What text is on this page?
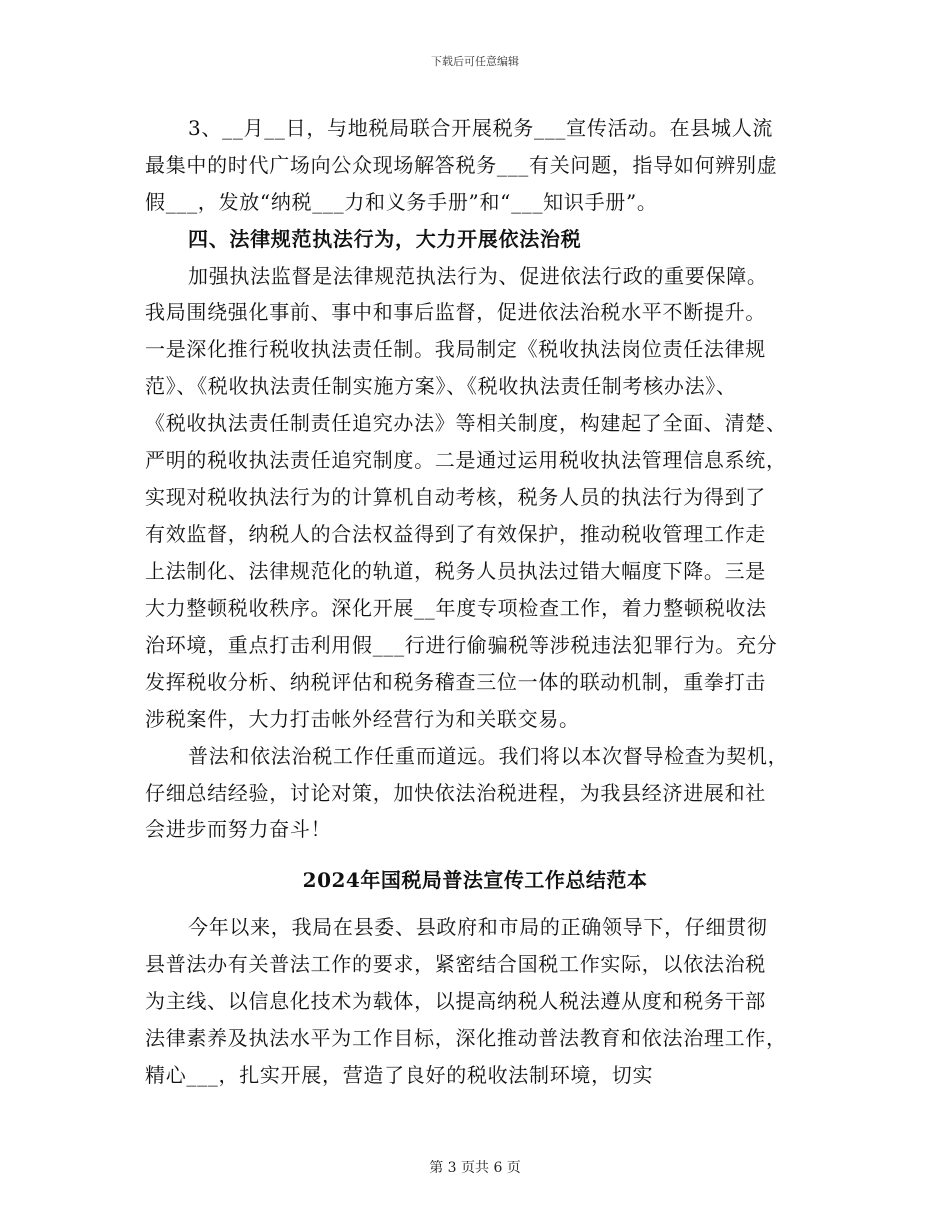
下载后可任意编辑
3、__月__日，与地税局联合开展税务___宣传活动。在县城人流
最集中的时代广场向公众现场解答税务___有关问题，指导如何辨别虚
假___，发放“纳税___力和义务手册”和“___知识手册”。
四、法律规范执法行为，大力开展依法治税
加强执法监督是法律规范执法行为、促进依法行政的重要保障。
我局围绕强化事前、事中和事后监督，促进依法治税水平不断提升。
一是深化推行税收执法责任制。我局制定《税收执法岗位责任法律规
范》、《税收执法责任制实施方案》、《税收执法责任制考核办法》、
《税收执法责任制责任追究办法》等相关制度，构建起了全面、清楚、
严明的税收执法责任追究制度。二是通过运用税收执法管理信息系统，
实现对税收执法行为的计算机自动考核，税务人员的执法行为得到了
有效监督，纳税人的合法权益得到了有效保护，推动税收管理工作走
上法制化、法律规范化的轨道，税务人员执法过错大幅度下降。三是
大力整顿税收秩序。深化开展__年度专项检查工作，着力整顿税收法
治环境，重点打击利用假___行进行偷骗税等涉税违法犯罪行为。充分
发挥税收分析、纳税评估和税务稽查三位一体的联动机制，重拳打击
涉税案件，大力打击帐外经营行为和关联交易。
普法和依法治税工作任重而道远。我们将以本次督导检查为契机，
仔细总结经验，讨论对策，加快依法治税进程，为我县经济进展和社
会进步而努力奋斗！
2024年国税局普法宣传工作总结范本
今年以来，我局在县委、县政府和市局的正确领导下，仔细贯彻
县普法办有关普法工作的要求，紧密结合国税工作实际，以依法治税
为主线、以信息化技术为载体，以提高纳税人税法遵从度和税务干部
法律素养及执法水平为工作目标，深化推动普法教育和依法治理工作，
精心___，扎实开展，营造了良好的税收法制环境，切实
第 3 页共 6 页
